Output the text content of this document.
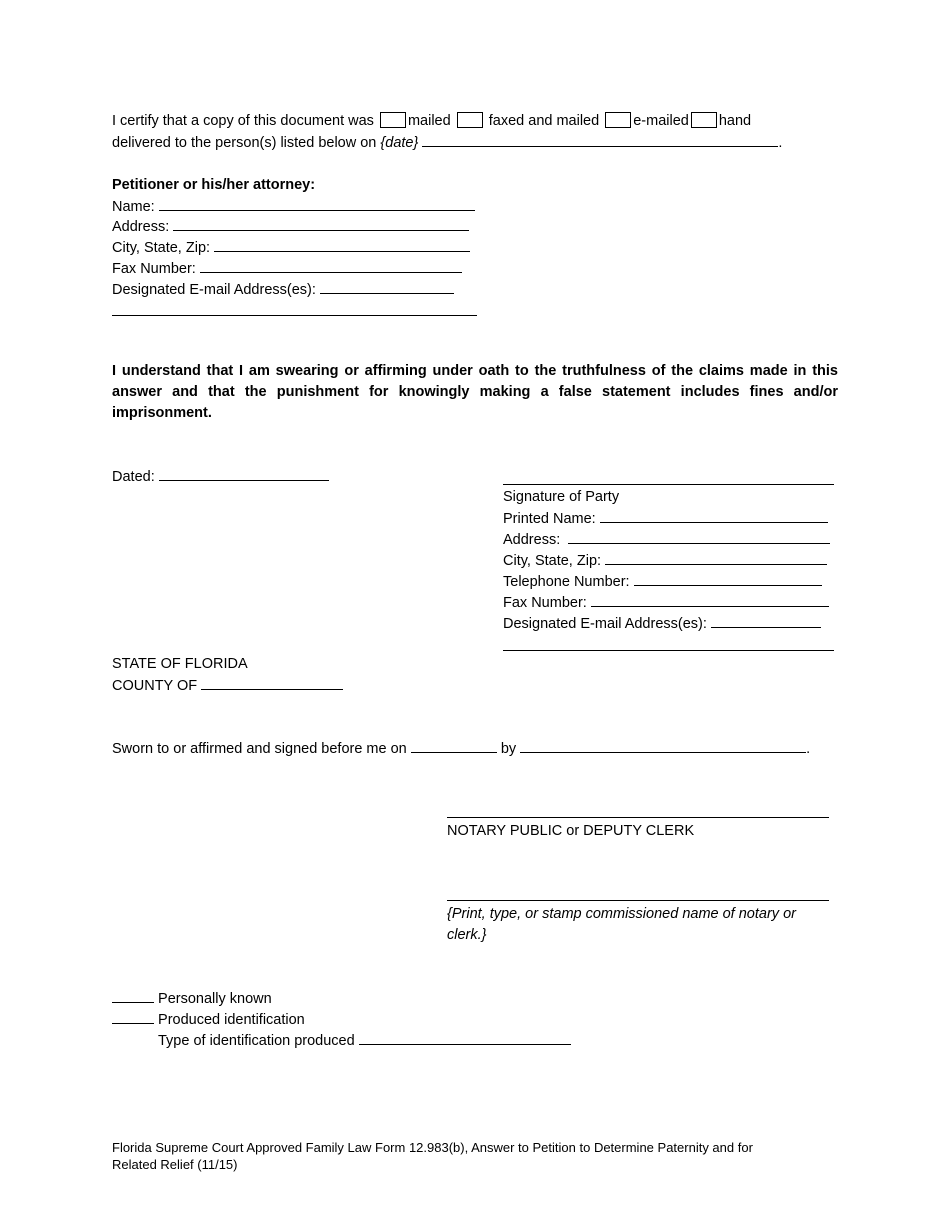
I certify that a copy of this document was mailed	faxed and mailed e-mailed hand
delivered to the person(s) listed below on {date}	.
Petitioner or his/her attorney:
Name:
Address:
City, State, Zip:
Fax Number:
Designated E-mail Address(es):
I understand that I am swearing or affirming under oath to the truthfulness of the claims made in this answer and that the punishment for knowingly making a false statement includes fines and/or imprisonment.
Dated:
Signature of Party
Printed Name:
Address:
City, State, Zip:
Telephone Number:
Fax Number:
Designated E-mail Address(es):
STATE OF FLORIDA
COUNTY OF
Sworn to or affirmed and signed before me on	by	.
NOTARY PUBLIC or DEPUTY CLERK
{Print, type, or stamp commissioned name of notary or
clerk.}
Personally known
Produced identification
Type of identification produced
Florida Supreme Court Approved Family Law Form 12.983(b), Answer to Petition to Determine Paternity and for
Related Relief (11/15)
